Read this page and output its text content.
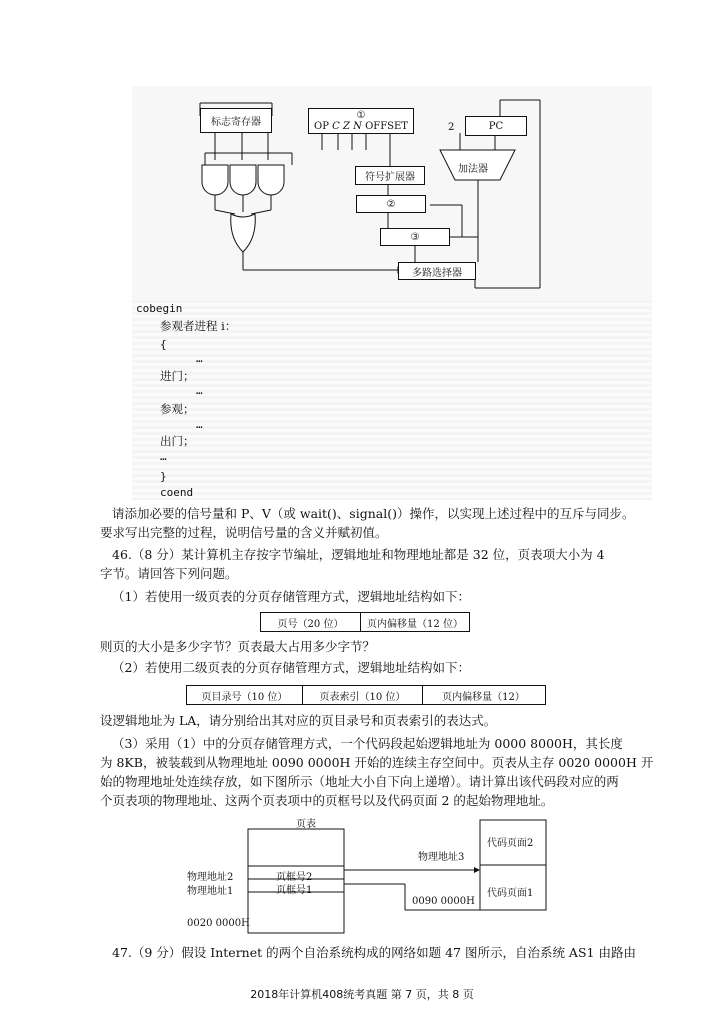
标志寄存器
①
OP C Z N OFFSET	2	PC
加法器
符号扩展器
②
③
多路选择器
cobegin
参观者进程 i：
{
…
进门；
…
参观；
…
出门；
…
}
coend
请添加必要的信号量和 P、V（或 wait()、signal()）操作，以实现上述过程中的互斥与同步。
要求写出完整的过程，说明信号量的含义并赋初值。
46.（8 分）某计算机主存按字节编址，逻辑地址和物理地址都是 32 位，页表项大小为 4
字节。请回答下列问题。
（1）若使用一级页表的分页存储管理方式，逻辑地址结构如下：
页号（20 位）	页内偏移量（12 位）
则页的大小是多少字节？页表最大占用多少字节？
（2）若使用二级页表的分页存储管理方式，逻辑地址结构如下：
页目录号（10 位）	页表索引（10 位）	页内偏移量（12）
设逻辑地址为 LA，请分别给出其对应的页目录号和页表索引的表达式。
（3）采用（1）中的分页存储管理方式，一个代码段起始逻辑地址为 0000 8000H，其长度
为 8KB，被装载到从物理地址 0090 0000H 开始的连续主存空间中。页表从主存 0020 0000H 开
始的物理地址处连续存放，如下图所示（地址大小自下向上递增）。请计算出该代码段对应的两
个页表项的物理地址、这两个页表项中的页框号以及代码页面 2 的起始物理地址。
页表
物理地址2
物理地址1
页框号2
页框号1
0020 0000H
物理地址3
代码页面2
代码页面1
0090 0000H
47.（9 分）假设 Internet 的两个自治系统构成的网络如题 47 图所示，自治系统 AS1 由路由
2018年计算机408统考真题 第 7 页，共 8 页
